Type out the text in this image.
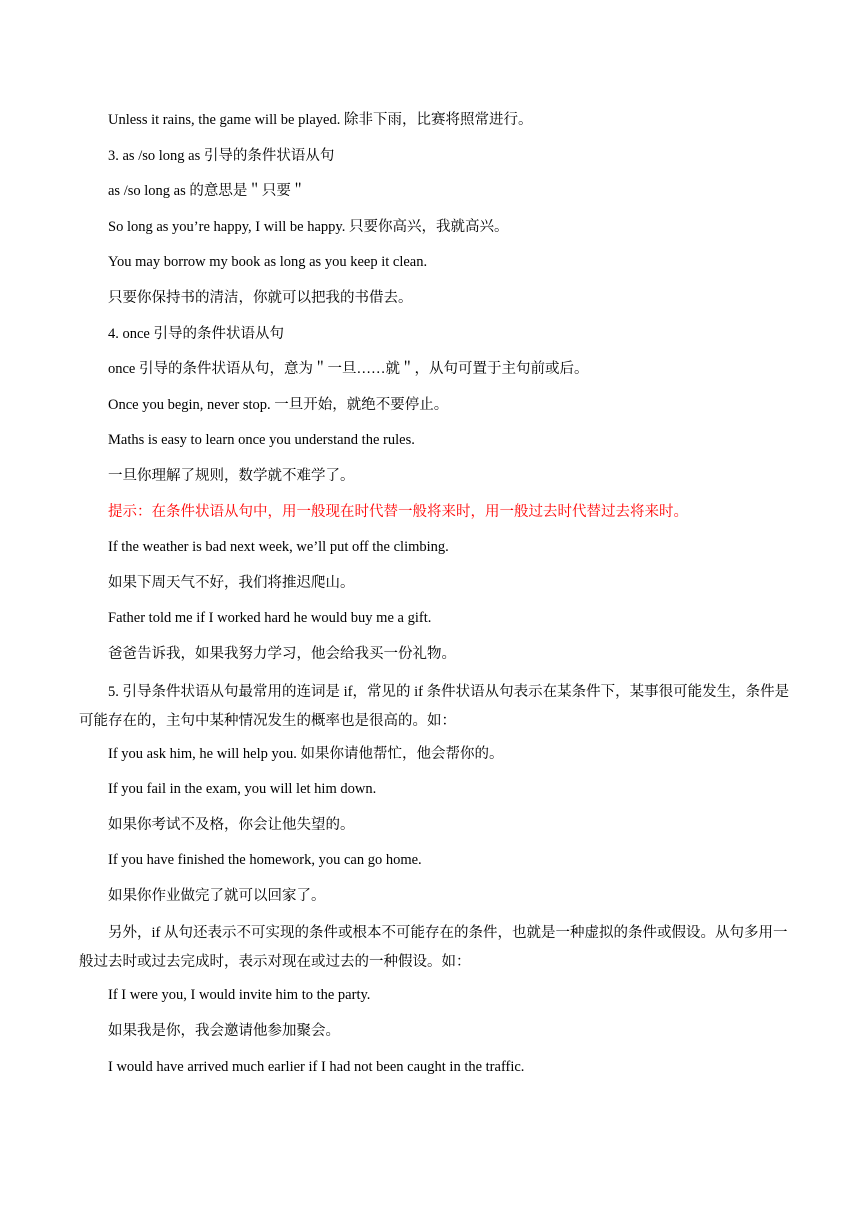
Unless it rains, the game will be played. 除非下雨，比赛将照常进行。

3. as /so long as 引导的条件状语从句

as /so long as 的意思是＂只要＂

So long as you’re happy, I will be happy. 只要你高兴，我就高兴。

You may borrow my book as long as you keep it clean.

只要你保持书的清洁，你就可以把我的书借去。

4. once 引导的条件状语从句

once 引导的条件状语从句，意为＂一旦……就＂，从句可置于主句前或后。

Once you begin, never stop. 一旦开始，就绝不要停止。

Maths is easy to learn once you understand the rules.

一旦你理解了规则，数学就不难学了。

提示：在条件状语从句中，用一般现在时代替一般将来时，用一般过去时代替过去将来时。

If the weather is bad next week, we’ll put off the climbing.

如果下周天气不好，我们将推迟爬山。

Father told me if I worked hard he would buy me a gift.

爸爸告诉我，如果我努力学习，他会给我买一份礼物。

5. 引导条件状语从句最常用的连词是 if，常见的 if 条件状语从句表示在某条件下，某事很可能发生，条件是可能存在的，主句中某种情况发生的概率也是很高的。如：

If you ask him, he will help you. 如果你请他帮忙，他会帮你的。

If you fail in the exam, you will let him down.

如果你考试不及格，你会让他失望的。

If you have finished the homework, you can go home.

如果你作业做完了就可以回家了。

另外，if 从句还表示不可实现的条件或根本不可能存在的条件，也就是一种虚拟的条件或假设。从句多用一般过去时或过去完成时，表示对现在或过去的一种假设。如：

If I were you, I would invite him to the party.

如果我是你，我会邀请他参加聚会。

I would have arrived much earlier if I had not been caught in the traffic.
